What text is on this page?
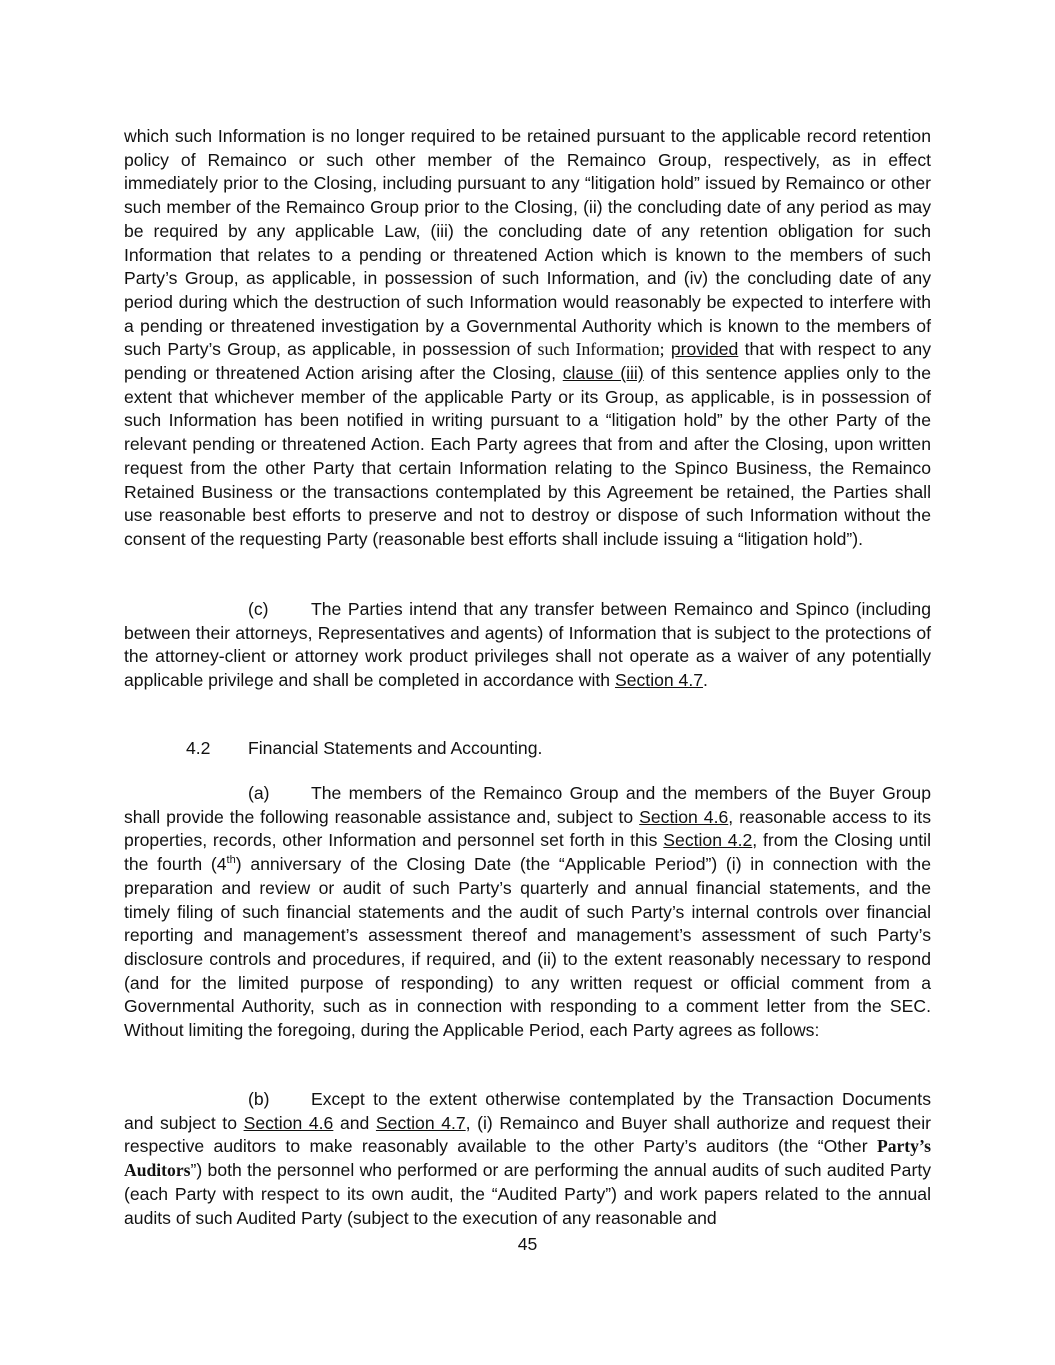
which such Information is no longer required to be retained pursuant to the applicable record retention policy of Remainco or such other member of the Remainco Group, respectively, as in effect immediately prior to the Closing, including pursuant to any “litigation hold” issued by Remainco or other such member of the Remainco Group prior to the Closing, (ii) the concluding date of any period as may be required by any applicable Law, (iii) the concluding date of any retention obligation for such Information that relates to a pending or threatened Action which is known to the members of such Party’s Group, as applicable, in possession of such Information, and (iv) the concluding date of any period during which the destruction of such Information would reasonably be expected to interfere with a pending or threatened investigation by a Governmental Authority which is known to the members of such Party’s Group, as applicable, in possession of such Information; provided that with respect to any pending or threatened Action arising after the Closing, clause (iii) of this sentence applies only to the extent that whichever member of the applicable Party or its Group, as applicable, is in possession of such Information has been notified in writing pursuant to a “litigation hold” by the other Party of the relevant pending or threatened Action. Each Party agrees that from and after the Closing, upon written request from the other Party that certain Information relating to the Spinco Business, the Remainco Retained Business or the transactions contemplated by this Agreement be retained, the Parties shall use reasonable best efforts to preserve and not to destroy or dispose of such Information without the consent of the requesting Party (reasonable best efforts shall include issuing a “litigation hold”).
(c) The Parties intend that any transfer between Remainco and Spinco (including between their attorneys, Representatives and agents) of Information that is subject to the protections of the attorney-client or attorney work product privileges shall not operate as a waiver of any potentially applicable privilege and shall be completed in accordance with Section 4.7.
4.2 Financial Statements and Accounting.
(a) The members of the Remainco Group and the members of the Buyer Group shall provide the following reasonable assistance and, subject to Section 4.6, reasonable access to its properties, records, other Information and personnel set forth in this Section 4.2, from the Closing until the fourth (4th) anniversary of the Closing Date (the “Applicable Period”) (i) in connection with the preparation and review or audit of such Party’s quarterly and annual financial statements, and the timely filing of such financial statements and the audit of such Party’s internal controls over financial reporting and management’s assessment thereof and management’s assessment of such Party’s disclosure controls and procedures, if required, and (ii) to the extent reasonably necessary to respond (and for the limited purpose of responding) to any written request or official comment from a Governmental Authority, such as in connection with responding to a comment letter from the SEC. Without limiting the foregoing, during the Applicable Period, each Party agrees as follows:
(b) Except to the extent otherwise contemplated by the Transaction Documents and subject to Section 4.6 and Section 4.7, (i) Remainco and Buyer shall authorize and request their respective auditors to make reasonably available to the other Party’s auditors (the “Other Party’s Auditors”) both the personnel who performed or are performing the annual audits of such audited Party (each Party with respect to its own audit, the “Audited Party”) and work papers related to the annual audits of such Audited Party (subject to the execution of any reasonable and
45
